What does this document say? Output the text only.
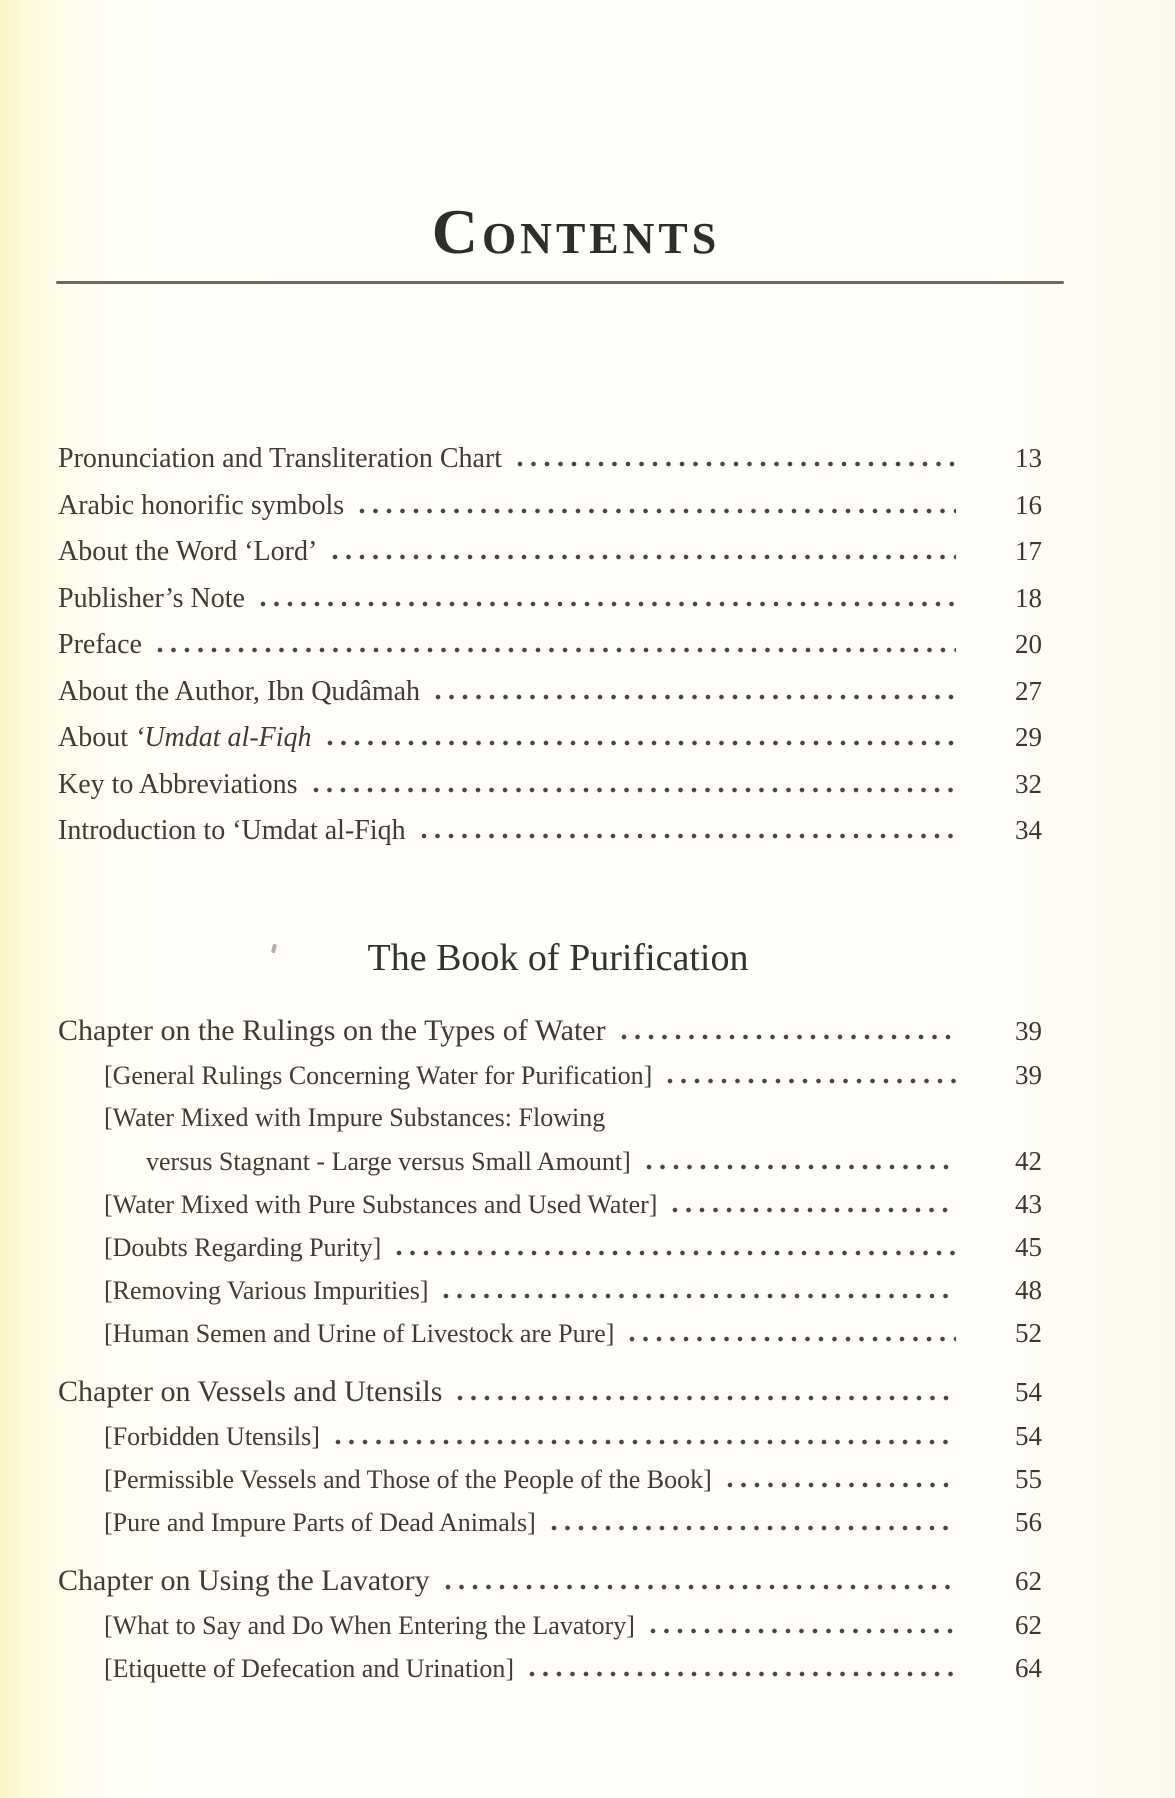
CONTENTS
Pronunciation and Transliteration Chart	13
Arabic honorific symbols	16
About the Word ‘Lord’	17
Publisher’s Note	18
Preface	20
About the Author, Ibn Qudâmah	27
About ‘Umdat al-Fiqh	29
Key to Abbreviations	32
Introduction to ‘Umdat al-Fiqh	34
The Book of Purification
Chapter on the Rulings on the Types of Water	39
[General Rulings Concerning Water for Purification]	39
[Water Mixed with Impure Substances: Flowing
versus Stagnant - Large versus Small Amount]	42
[Water Mixed with Pure Substances and Used Water]	43
[Doubts Regarding Purity]	45
[Removing Various Impurities]	48
[Human Semen and Urine of Livestock are Pure]	52
Chapter on Vessels and Utensils	54
[Forbidden Utensils]	54
[Permissible Vessels and Those of the People of the Book]	55
[Pure and Impure Parts of Dead Animals]	56
Chapter on Using the Lavatory	62
[What to Say and Do When Entering the Lavatory]	62
[Etiquette of Defecation and Urination]	64
